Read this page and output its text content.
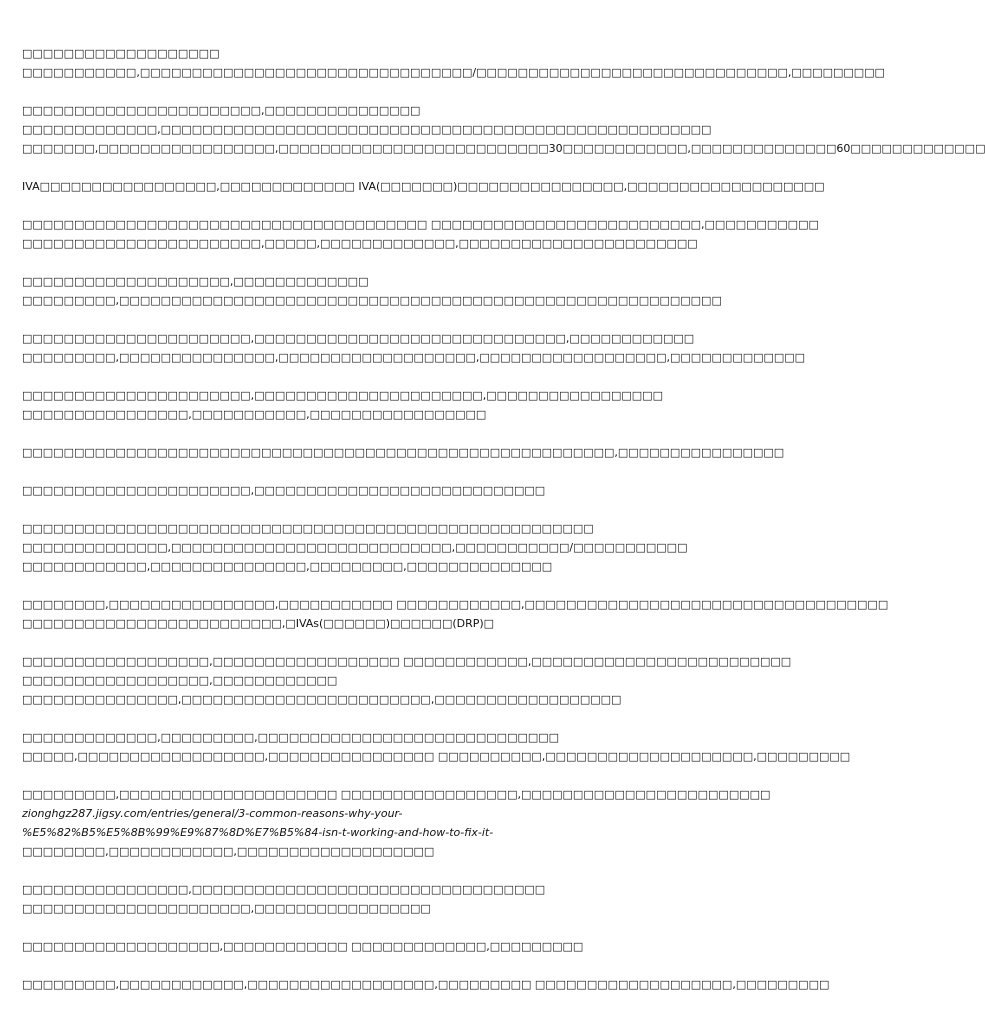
□□□□□□□□□□□□□□□□□□□
□□□□□□□□□□□,□□□□□□□□□□□□□□□□□□□□□□□□□□□□□□□□/□□□□□□□□□□□□□□□□□□□□□□□□□□□□□□,□□□□□□□□□
□□□□□□□□□□□□□□□□□□□□□□□,□□□□□□□□□□□□□□□
□□□□□□□□□□□□□,□□□□□□□□□□□□□□□□□□□□□□□□□□□□□□□□□□□□□□□□□□□□□□□□□□□□□
□□□□□□□,□□□□□□□□□□□□□□□□□,□□□□□□□□□□□□□□□□□□□□□□□□□□30□□□□□□□□□□□□,□□□□□□□□□□□□□□60□□□□□□□□□□□□□
IVA□□□□□□□□□□□□□□□□□,□□□□□□□□□□□□□ IVA(□□□□□□□)□□□□□□□□□□□□□□□□,□□□□□□□□□□□□□□□□□□□
□□□□□□□□□□□□□□□□□□□□□□□□□□□□□□□□□□□□□□□ □□□□□□□□□□□□□□□□□□□□□□□□□□,□□□□□□□□□□□
□□□□□□□□□□□□□□□□□□□□□□□,□□□□□,□□□□□□□□□□□□□,□□□□□□□□□□□□□□□□□□□□□□□
□□□□□□□□□□□□□□□□□□□□,□□□□□□□□□□□□□
□□□□□□□□□,□□□□□□□□□□□□□□□□□□□□□□□□□□□□□□□□□□□□□□□□□□□□□□□□□□□□□□□□□□
□□□□□□□□□□□□□□□□□□□□□□,□□□□□□□□□□□□□□□□□□□□□□□□□□□□□□,□□□□□□□□□□□□
□□□□□□□□□,□□□□□□□□□□□□□□□,□□□□□□□□□□□□□□□□□□□,□□□□□□□□□□□□□□□□□□,□□□□□□□□□□□□□
□□□□□□□□□□□□□□□□□□□□□□,□□□□□□□□□□□□□□□□□□□□□□,□□□□□□□□□□□□□□□□□
□□□□□□□□□□□□□□□□,□□□□□□□□□□□,□□□□□□□□□□□□□□□□□
□□□□□□□□□□□□□□□□□□□□□□□□□□□□□□□□□□□□□□□□□□□□□□□□□□□□□□□□□,□□□□□□□□□□□□□□□□
□□□□□□□□□□□□□□□□□□□□□□,□□□□□□□□□□□□□□□□□□□□□□□□□□□□
□□□□□□□□□□□□□□□□□□□□□□□□□□□□□□□□□□□□□□□□□□□□□□□□□□□□□□□
□□□□□□□□□□□□□□,□□□□□□□□□□□□□□□□□□□□□□□□□□□,□□□□□□□□□□□/□□□□□□□□□□□
□□□□□□□□□□□□,□□□□□□□□□□□□□□□,□□□□□□□□□,□□□□□□□□□□□□□□
□□□□□□□□,□□□□□□□□□□□□□□□□,□□□□□□□□□□□ □□□□□□□□□□□□,□□□□□□□□□□□□□□□□□□□□□□□□□□□□□□□□□□□
□□□□□□□□□□□□□□□□□□□□□□□□□,□IVAs(□□□□□□)□□□□□□(DRP)□
□□□□□□□□□□□□□□□□□□,□□□□□□□□□□□□□□□□□□ □□□□□□□□□□□□,□□□□□□□□□□□□□□□□□□□□□□□□□
□□□□□□□□□□□□□□□□□□,□□□□□□□□□□□□
□□□□□□□□□□□□□□□,□□□□□□□□□□□□□□□□□□□□□□□□,□□□□□□□□□□□□□□□□□□
□□□□□□□□□□□□□,□□□□□□□□□,□□□□□□□□□□□□□□□□□□□□□□□□□□□□□
□□□□□,□□□□□□□□□□□□□□□□□□,□□□□□□□□□□□□□□□□ □□□□□□□□□□,□□□□□□□□□□□□□□□□□□□□,□□□□□□□□□
□□□□□□□□□,□□□□□□□□□□□□□□□□□□□□□ □□□□□□□□□□□□□□□□□,□□□□□□□□□□□□□□□□□□□□□□□□
zionghgz287.jigsy.com/entries/general/3-common-reasons-why-your-
%E5%82%B5%E5%8B%99%E9%87%8D%E7%B5%84-isn-t-working-and-how-to-fix-it-
□□□□□□□□,□□□□□□□□□□□□,□□□□□□□□□□□□□□□□□□□
□□□□□□□□□□□□□□□□,□□□□□□□□□□□□□□□□□□□□□□□□□□□□□□□□□□
□□□□□□□□□□□□□□□□□□□□□□,□□□□□□□□□□□□□□□□□
□□□□□□□□□□□□□□□□□□□,□□□□□□□□□□□□ □□□□□□□□□□□□□,□□□□□□□□□
□□□□□□□□□,□□□□□□□□□□□□,□□□□□□□□□□□□□□□□□□,□□□□□□□□□ □□□□□□□□□□□□□□□□□□□,□□□□□□□□□
